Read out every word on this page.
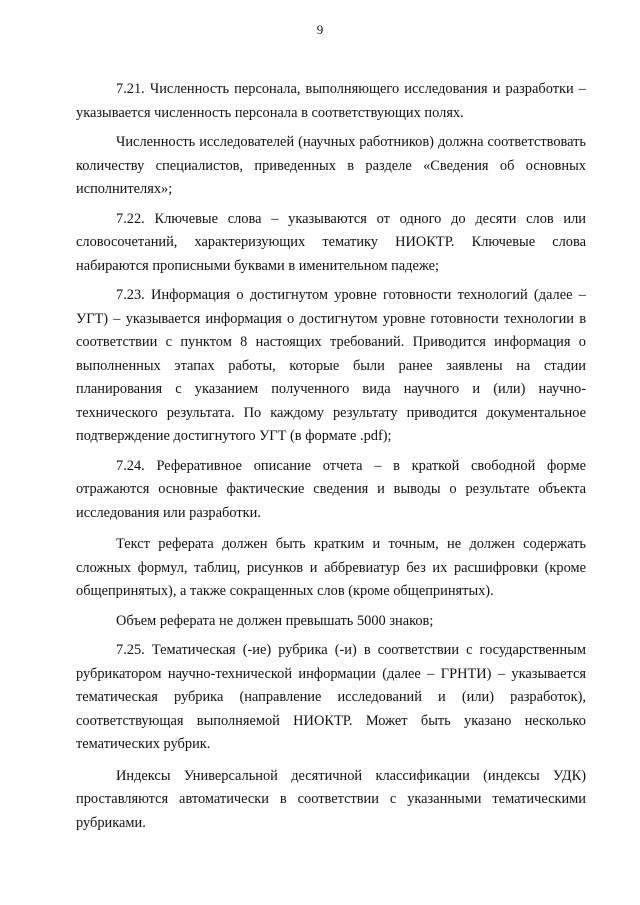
9

7.21. Численность персонала, выполняющего исследования и разработки – указывается численность персонала в соответствующих полях.

Численность исследователей (научных работников) должна соответствовать количеству специалистов, приведенных в разделе «Сведения об основных исполнителях»;

7.22. Ключевые слова – указываются от одного до десяти слов или словосочетаний, характеризующих тематику НИОКТР. Ключевые слова набираются прописными буквами в именительном падеже;

7.23. Информация о достигнутом уровне готовности технологий (далее – УГТ) – указывается информация о достигнутом уровне готовности технологии в соответствии с пунктом 8 настоящих требований. Приводится информация о выполненных этапах работы, которые были ранее заявлены на стадии планирования с указанием полученного вида научного и (или) научно-технического результата. По каждому результату приводится документальное подтверждение достигнутого УГТ (в формате .pdf);

7.24. Реферативное описание отчета – в краткой свободной форме отражаются основные фактические сведения и выводы о результате объекта исследования или разработки.

Текст реферата должен быть кратким и точным, не должен содержать сложных формул, таблиц, рисунков и аббревиатур без их расшифровки (кроме общепринятых), а также сокращенных слов (кроме общепринятых).

Объем реферата не должен превышать 5000 знаков;

7.25. Тематическая (-ие) рубрика (-и) в соответствии с государственным рубрикатором научно-технической информации (далее – ГРНТИ) – указывается тематическая рубрика (направление исследований и (или) разработок), соответствующая выполняемой НИОКТР. Может быть указано несколько тематических рубрик.

Индексы Универсальной десятичной классификации (индексы УДК) проставляются автоматически в соответствии с указанными тематическими рубриками.
